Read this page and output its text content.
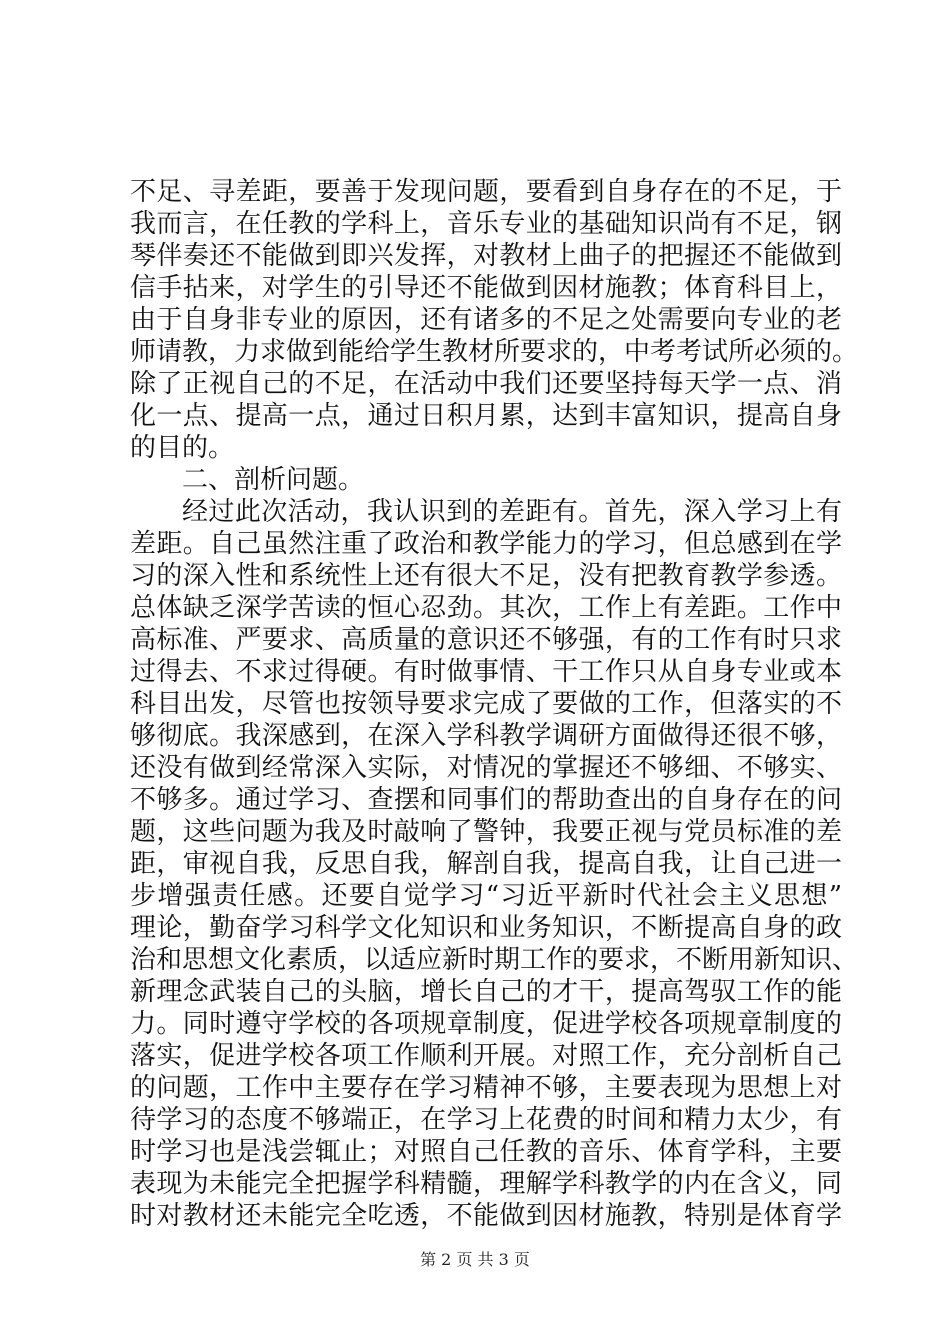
不足、寻差距，要善于发现问题，要看到自身存在的不足，于
我而言，在任教的学科上，音乐专业的基础知识尚有不足，钢
琴伴奏还不能做到即兴发挥，对教材上曲子的把握还不能做到
信手拈来，对学生的引导还不能做到因材施教；体育科目上，
由于自身非专业的原因，还有诸多的不足之处需要向专业的老
师请教，力求做到能给学生教材所要求的，中考考试所必须的。
除了正视自己的不足，在活动中我们还要坚持每天学一点、消
化一点、提高一点，通过日积月累，达到丰富知识，提高自身
的目的。
二、剖析问题。
经过此次活动，我认识到的差距有。首先，深入学习上有
差距。自己虽然注重了政治和教学能力的学习，但总感到在学
习的深入性和系统性上还有很大不足，没有把教育教学参透。
总体缺乏深学苦读的恒心忍劲。其次，工作上有差距。工作中
高标准、严要求、高质量的意识还不够强，有的工作有时只求
过得去、不求过得硬。有时做事情、干工作只从自身专业或本
科目出发，尽管也按领导要求完成了要做的工作，但落实的不
够彻底。我深感到，在深入学科教学调研方面做得还很不够，
还没有做到经常深入实际，对情况的掌握还不够细、不够实、
不够多。通过学习、查摆和同事们的帮助查出的自身存在的问
题，这些问题为我及时敲响了警钟，我要正视与党员标准的差
距，审视自我，反思自我，解剖自我，提高自我，让自己进一
步增强责任感。还要自觉学习“习近平新时代社会主义思想”
理论，勤奋学习科学文化知识和业务知识，不断提高自身的政
治和思想文化素质，以适应新时期工作的要求，不断用新知识、
新理念武装自己的头脑，增长自己的才干，提高驾驭工作的能
力。同时遵守学校的各项规章制度，促进学校各项规章制度的
落实，促进学校各项工作顺利开展。对照工作，充分剖析自己
的问题，工作中主要存在学习精神不够，主要表现为思想上对
待学习的态度不够端正，在学习上花费的时间和精力太少，有
时学习也是浅尝辄止；对照自己任教的音乐、体育学科，主要
表现为未能完全把握学科精髓，理解学科教学的内在含义，同
时对教材还未能完全吃透，不能做到因材施教，特别是体育学
第 2 页 共 3 页
